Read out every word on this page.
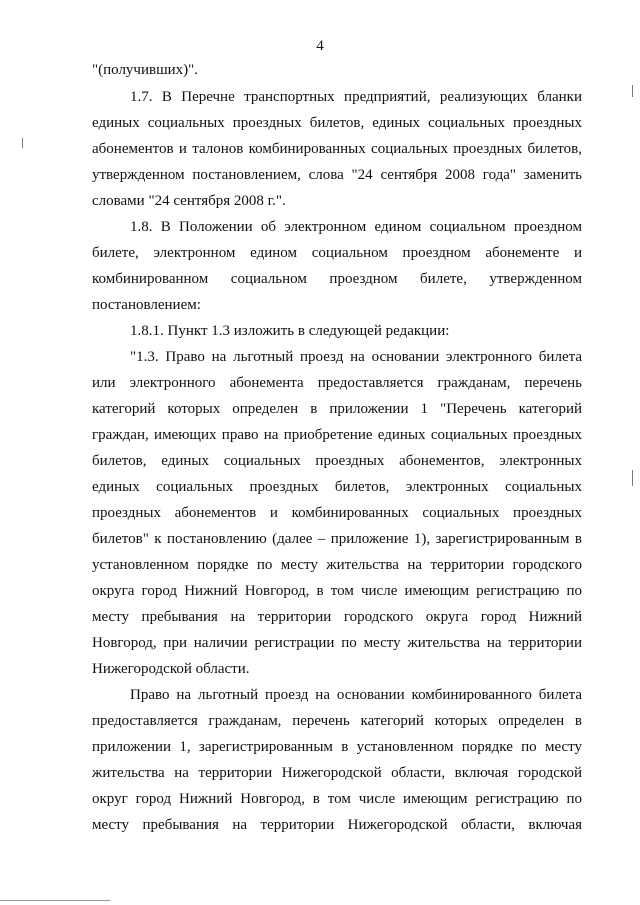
4
"(получивших)".
1.7. В Перечне транспортных предприятий, реализующих бланки
единых социальных проездных билетов, единых социальных проездных
абонементов и талонов комбинированных социальных проездных билетов,
утвержденном постановлением, слова "24 сентября 2008 года" заменить
словами "24 сентября 2008 г.".
1.8. В Положении об электронном едином социальном проездном
билете, электронном едином социальном проездном абонементе и
комбинированном социальном проездном билете, утвержденном
постановлением:
1.8.1. Пункт 1.3 изложить в следующей редакции:
"1.3. Право на льготный проезд на основании электронного билета
или электронного абонемента предоставляется гражданам, перечень
категорий которых определен в приложении 1 "Перечень категорий
граждан, имеющих право на приобретение единых социальных проездных
билетов, единых социальных проездных абонементов, электронных
единых социальных проездных билетов, электронных социальных
проездных абонементов и комбинированных социальных проездных
билетов" к постановлению (далее – приложение 1), зарегистрированным в
установленном порядке по месту жительства на территории городского
округа город Нижний Новгород, в том числе имеющим регистрацию по
месту пребывания на территории городского округа город Нижний
Новгород, при наличии регистрации по месту жительства на территории
Нижегородской области.
Право на льготный проезд на основании комбинированного билета
предоставляется гражданам, перечень категорий которых определен в
приложении 1, зарегистрированным в установленном порядке по месту
жительства на территории Нижегородской области, включая городской
округ город Нижний Новгород, в том числе имеющим регистрацию по
месту пребывания на территории Нижегородской области, включая
